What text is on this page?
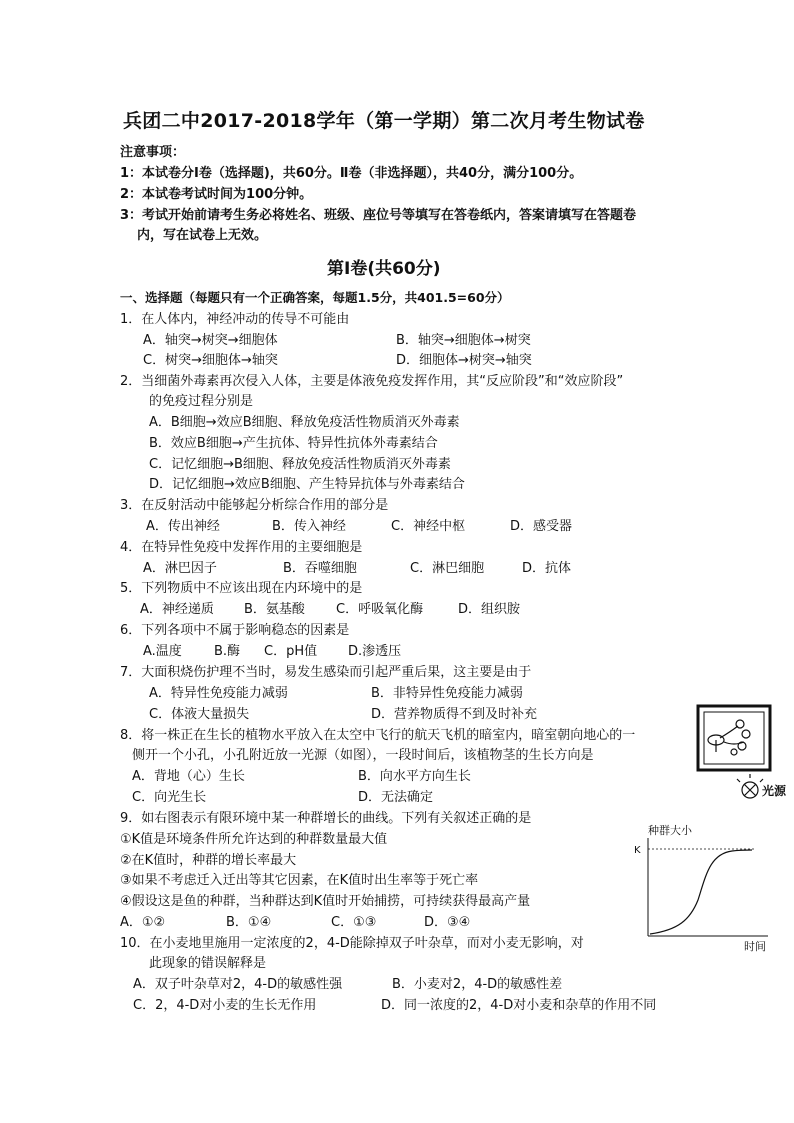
兵团二中2017-2018学年（第一学期）第二次月考生物试卷
注意事项：
1：本试卷分Ⅰ卷（选择题)，共60分。Ⅱ卷（非选择题），共40分，满分100分。
2：本试卷考试时间为100分钟。
3：考试开始前请考生务必将姓名、班级、座位号等填写在答卷纸内，答案请填写在答题卷
内，写在试卷上无效。
第Ⅰ卷(共60分)
一、选择题（每题只有一个正确答案，每题1.5分，共401.5=60分）
1．在人体内，神经冲动的传导不可能由
A．轴突→树突→细胞体	B．轴突→细胞体→树突
C．树突→细胞体→轴突	D．细胞体→树突→轴突
2．当细菌外毒素再次侵入人体，主要是体液免疫发挥作用，其“反应阶段”和“效应阶段”
的免疫过程分别是
A．B细胞→效应B细胞、释放免疫活性物质消灭外毒素
B．效应B细胞→产生抗体、特异性抗体外毒素结合
C．记忆细胞→B细胞、释放免疫活性物质消灭外毒素
D．记忆细胞→效应B细胞、产生特异抗体与外毒素结合
3．在反射活动中能够起分析综合作用的部分是
A．传出神经	B．传入神经	C．神经中枢	D．感受器
4．在特异性免疫中发挥作用的主要细胞是
A．淋巴因子	B．吞噬细胞	C．淋巴细胞	D．抗体
5．下列物质中不应该出现在内环境中的是
A．神经递质 B．氨基酸 C．呼吸氧化酶	D．组织胺
6．下列各项中不属于影响稳态的因素是
A.温度 B.酶 C．pH值 D.渗透压
7．大面积烧伤护理不当时，易发生感染而引起严重后果，这主要是由于
A．特异性免疫能力减弱	B．非特异性免疫能力减弱
C．体液大量损失	D．营养物质得不到及时补充
8．将一株正在生长的植物水平放入在太空中飞行的航天飞机的暗室内，暗室朝向地心的一
侧开一个小孔，小孔附近放一光源（如图），一段时间后，该植物茎的生长方向是
A．背地（心）生长	B．向水平方向生长
C．向光生长	D．无法确定
9．如右图表示有限环境中某一种群增长的曲线。下列有关叙述正确的是
①K值是环境条件所允许达到的种群数量最大值
②在K值时，种群的增长率最大
③如果不考虑迁入迁出等其它因素，在K值时出生率等于死亡率
④假设这是鱼的种群，当种群达到K值时开始捕捞，可持续获得最高产量
A．①②	B．①④	C．①③	D．③④
10．在小麦地里施用一定浓度的2，4-D能除掉双子叶杂草，而对小麦无影响，对
此现象的错误解释是
A．双子叶杂草对2，4-D的敏感性强	B．小麦对2，4-D的敏感性差
C．2，4-D对小麦的生长无作用	D．同一浓度的2，4-D对小麦和杂草的作用不同
光源
种群大小
K
时间
